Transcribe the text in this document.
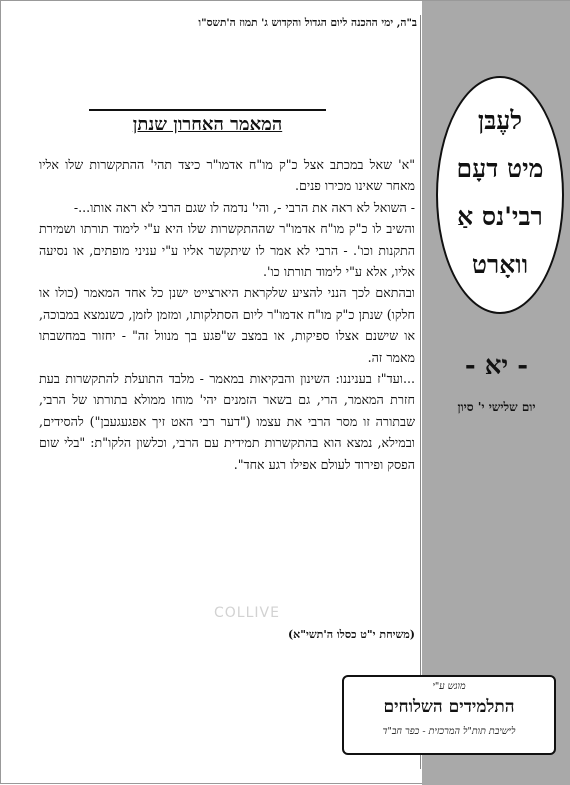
ב"ה, ימי ההכנה ליום הגדול והקדוש ג' תמוז ה'תשס"ו
המאמר האחרון שנתן

"א' שאל במכתב אצל כ"ק מו"ח אדמו"ר כיצד תהי' ההתקשרות שלו אליו מאחר שאינו מכירו פנים.

- השואל לא ראה את הרבי -, והי' נדמה לו שגם הרבי לא ראה אותו...-

והשיב לו כ"ק מו"ח אדמו"ר שההתקשרות שלו היא ע"י לימוד תורתו ושמירת התקנות וכו'. - הרבי לא אמר לו שיתקשר אליו ע"י עניני מופתים, או נסיעה אליו, אלא ע"י לימוד תורתו כו'.

ובהתאם לכך הנני להציע שלקראת היארצייט ישנן כל אחד המאמר (כולו או חלקו) שנתן כ"ק מו"ח אדמו"ר ליום הסתלקותו, ומזמן לזמן, כשנמצא במבוכה, או שישנם אצלו ספיקות, או במצב ש"פגע בך מנוול זה" - יחזור במחשבתו מאמר זה.

...ועד"ז בעניננו: השינון והבקיאות במאמר - מלבד התועלת להתקשרות בעת חזרת המאמר, הרי, גם בשאר הזמנים יהי' מוחו ממולא בתורתו של הרבי, שבתורה זו מסר הרבי את עצמו ("דער רבי האט זיך אפגעגעבן") להסידים, ובמילא, נמצא הוא בהתקשרות תמידית עם הרבי, וכלשון הלקו"ת: "בלי שום הפסק ופירוד לעולם אפילו רגע אחד".

COLLIVE
(משיחת י"ט כסלו ה'תשי"א)
מוגש ע"י
התלמידים השלוחים
לישיבת תות"ל המרכזית - כפר חב"ד
לעֶבּן
מיט דעָם
רבי'נס אַ
וואָרט
- יא -
יום שלישי י' סיון
